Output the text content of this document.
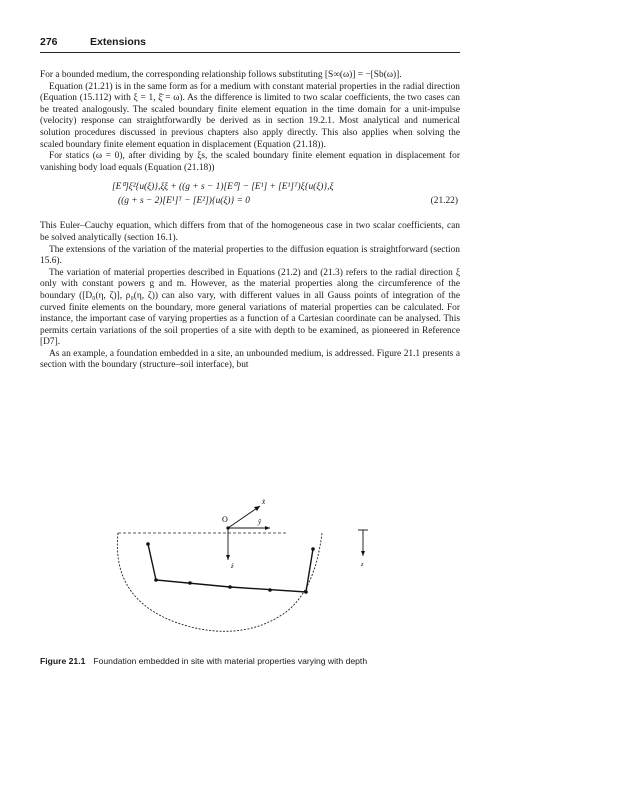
276	Extensions

For a bounded medium, the corresponding relationship follows substituting [S∞(ω)] = −[Sb(ω)].

Equation (21.21) is in the same form as for a medium with constant material properties in the radial direction (Equation (15.112) with ξ = 1, ξ̄ = ω). As the difference is limited to two scalar coefficients, the two cases can be treated analogously. The scaled boundary finite element equation in the time domain for a unit-impulse (velocity) response can straightforwardly be derived as in section 19.2.1. Most analytical and numerical solution procedures discussed in previous chapters also apply directly. This also applies when solving the scaled boundary finite element equation in displacement (Equation (21.18)).

For statics (ω = 0), after dividing by ξs, the scaled boundary finite element equation in displacement for vanishing body load equals (Equation (21.18))

[E⁰]ξ²{u(ξ)},ξξ + ((g + s − 1)[E⁰] − [E¹] + [E¹]ᵀ)ξ{u(ξ)},ξ
((g + s − 2)[E¹]ᵀ − [E²]){u(ξ)} = 0	(21.22)

This Euler–Cauchy equation, which differs from that of the homogeneous case in two scalar coefficients, can be solved analytically (section 16.1).

The extensions of the variation of the material properties to the diffusion equation is straightforward (section 15.6).

The variation of material properties described in Equations (21.2) and (21.3) refers to the radial direction ξ only with constant powers g and m. However, as the material properties along the circumference of the boundary ([D₀(η, ζ)], ρ₀(η, ζ)) can also vary, with different values in all Gauss points of integration of the curved finite elements on the boundary, more general variations of material properties can be calculated. For instance, the important case of varying properties as a function of a Cartesian coordinate can be analysed. This permits certain variations of the soil properties of a site with depth to be examined, as pioneered in Reference [D7].

As an example, a foundation embedded in a site, an unbounded medium, is addressed. Figure 21.1 presents a section with the boundary (structure–soil interface), but

O
x̂
ŷ
ẑ	z
Figure 21.1 Foundation embedded in site with material properties varying with depth
